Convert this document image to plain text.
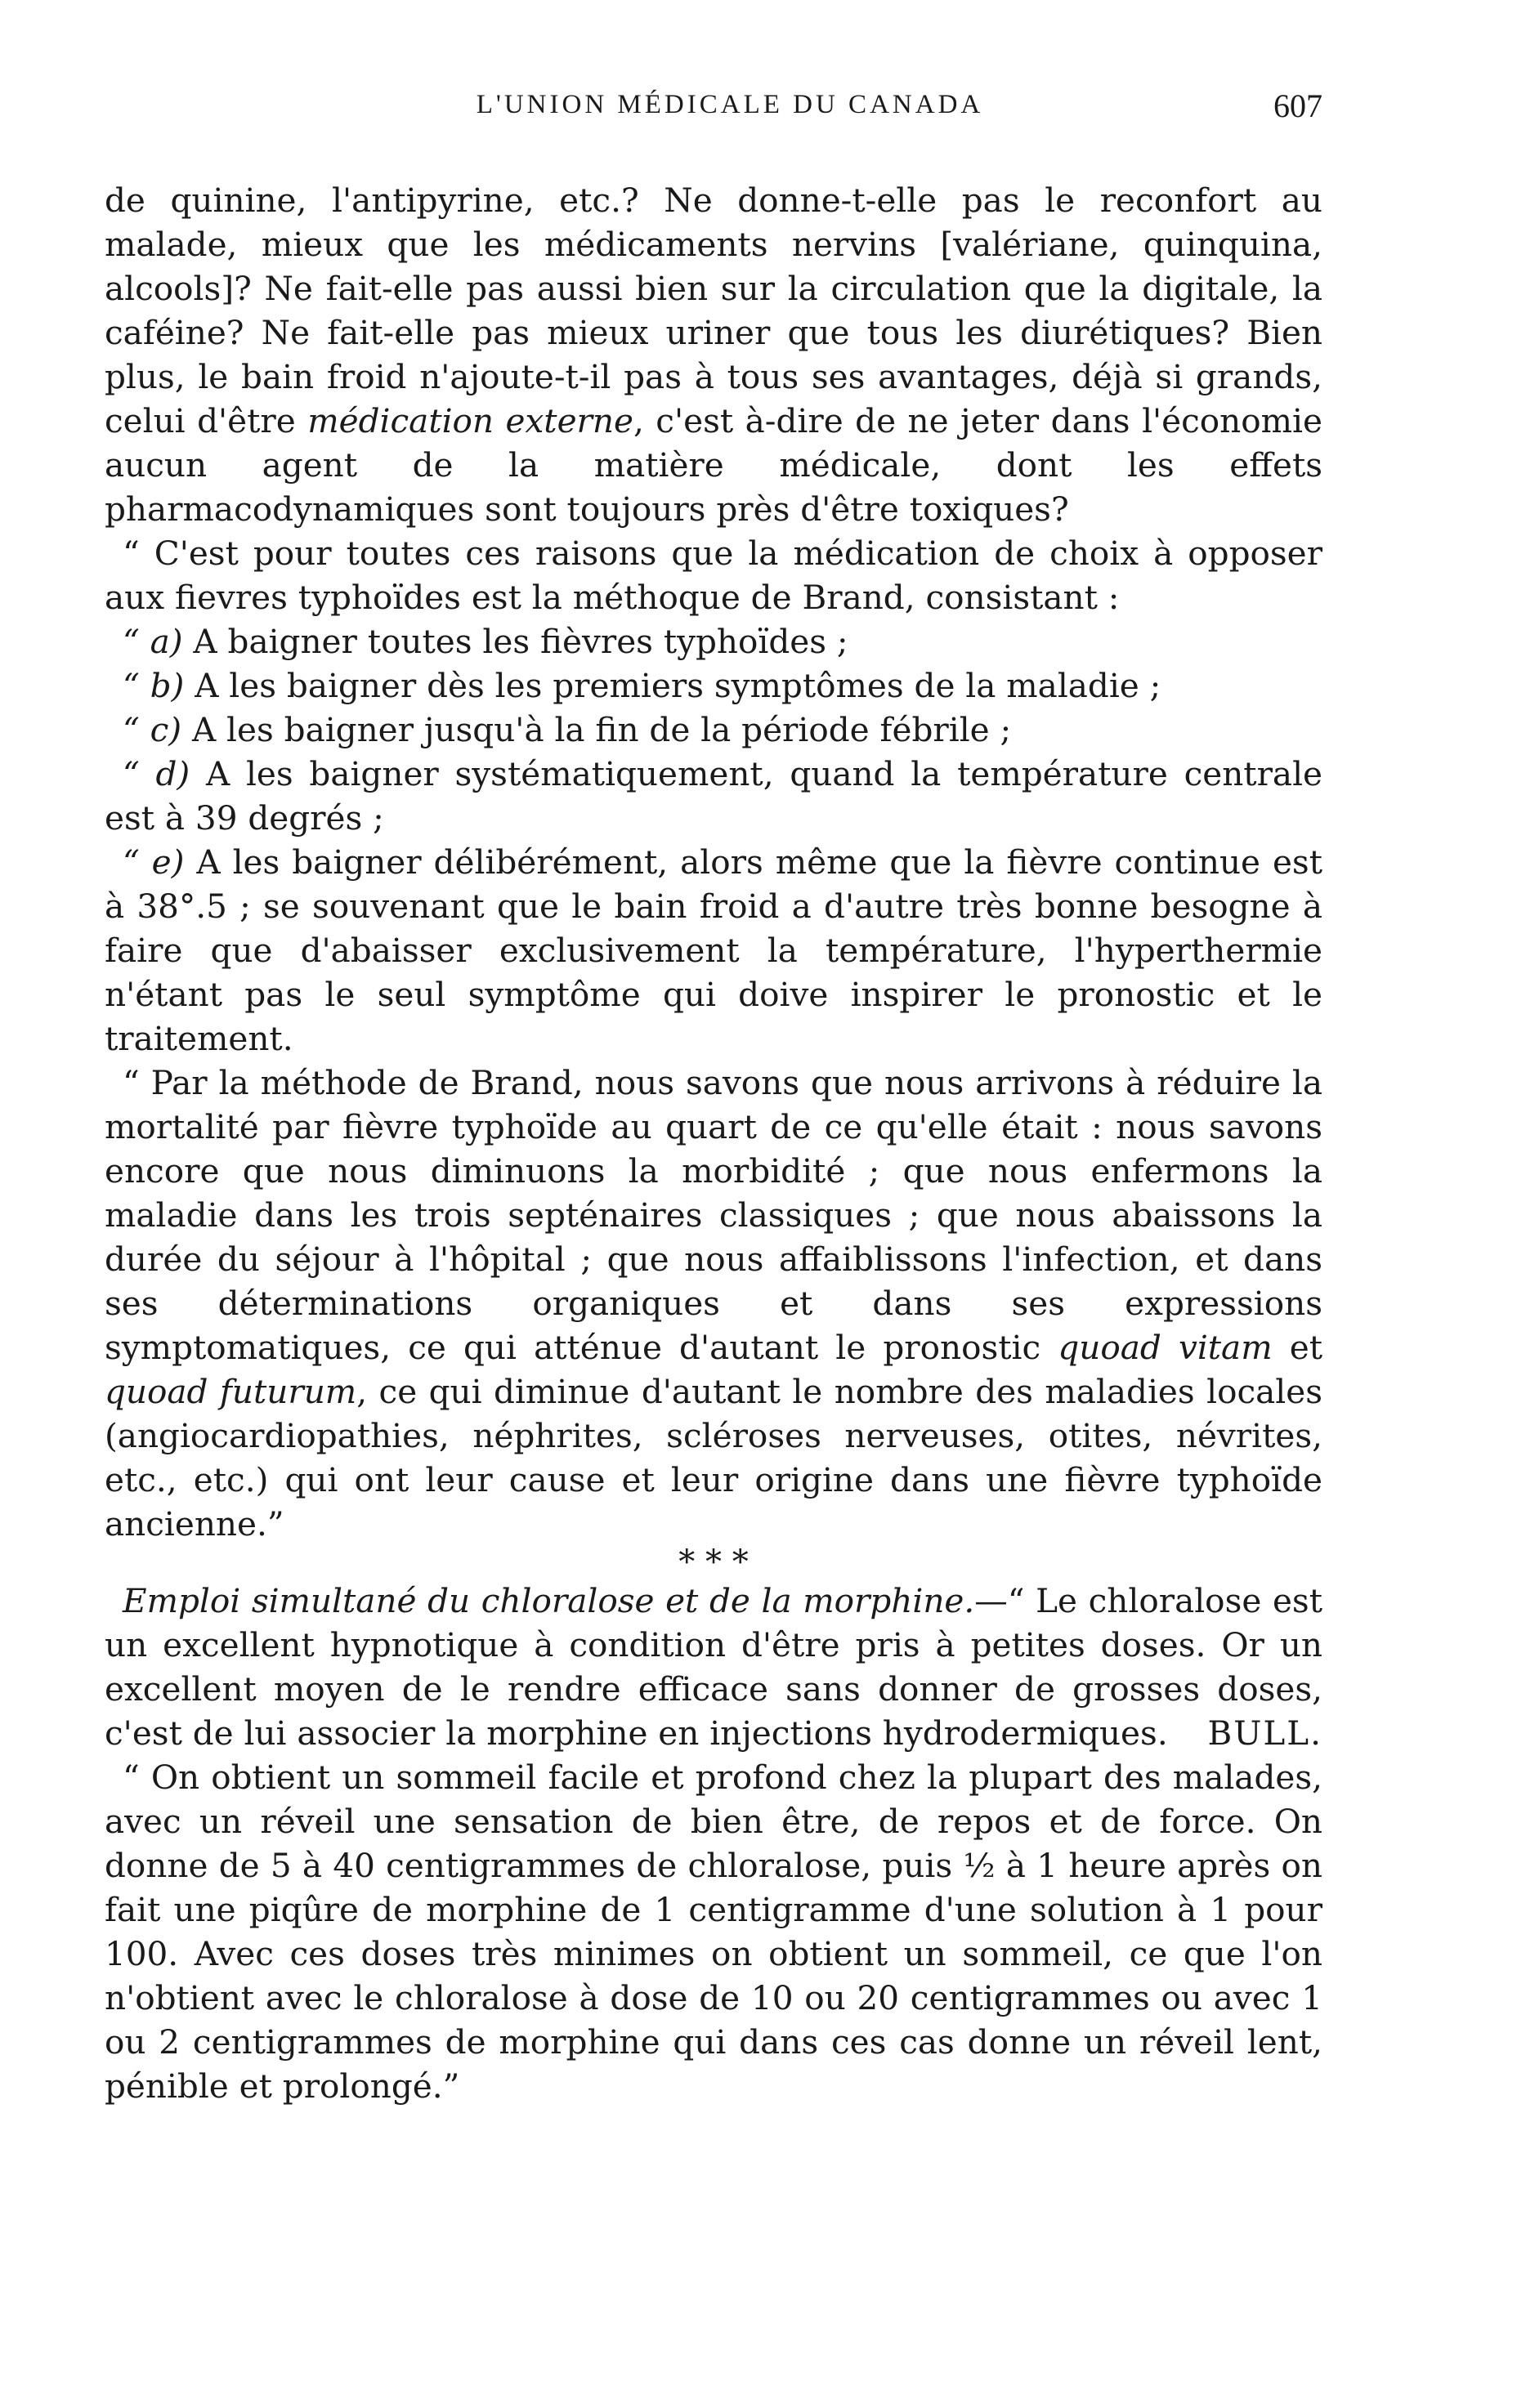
L'UNION MÉDICALE DU CANADA	607

de quinine, l'antipyrine, etc.? Ne donne-t-elle pas le reconfort au malade, mieux que les médicaments nervins [valériane, quinquina, alcools]? Ne fait-elle pas aussi bien sur la circulation que la digitale, la caféine? Ne fait-elle pas mieux uriner que tous les diurétiques? Bien plus, le bain froid n'ajoute-t-il pas à tous ses avantages, déjà si grands, celui d'être médication externe, c'est à-dire de ne jeter dans l'économie aucun agent de la matière médicale, dont les effets pharmacodynamiques sont toujours près d'être toxiques?

“ C'est pour toutes ces raisons que la médication de choix à opposer aux fievres typhoïdes est la méthoque de Brand, consistant :

“ a) A baigner toutes les fièvres typhoïdes ;

“ b) A les baigner dès les premiers symptômes de la maladie ;

“ c) A les baigner jusqu'à la fin de la période fébrile ;

“ d) A les baigner systématiquement, quand la température centrale est à 39 degrés ;

“ e) A les baigner délibérément, alors même que la fièvre continue est à 38°.5 ; se souvenant que le bain froid a d'autre très bonne besogne à faire que d'abaisser exclusivement la température, l'hyperthermie n'étant pas le seul symptôme qui doive inspirer le pronostic et le traitement.

“ Par la méthode de Brand, nous savons que nous arrivons à réduire la mortalité par fièvre typhoïde au quart de ce qu'elle était : nous savons encore que nous diminuons la morbidité ; que nous enfermons la maladie dans les trois septénaires classiques ; que nous abaissons la durée du séjour à l'hôpital ; que nous affaiblissons l'infection, et dans ses déterminations organiques et dans ses expressions symptomatiques, ce qui atténue d'autant le pronostic quoad vitam et quoad futurum, ce qui diminue d'autant le nombre des maladies locales (angiocardiopathies, néphrites, scléroses nerveuses, otites, névrites, etc., etc.) qui ont leur cause et leur origine dans une fièvre typhoïde ancienne.”

* * *

Emploi simultané du chloralose et de la morphine.—“ Le chloralose est un excellent hypnotique à condition d'être pris à petites doses. Or un excellent moyen de le rendre efficace sans donner de grosses doses, c'est de lui associer la morphine en injections hydrodermiques.	BULL.

“ On obtient un sommeil facile et profond chez la plupart des malades, avec un réveil une sensation de bien être, de repos et de force. On donne de 5 à 40 centigrammes de chloralose, puis ½ à 1 heure après on fait une piqûre de morphine de 1 centigramme d'une solution à 1 pour 100. Avec ces doses très minimes on obtient un sommeil, ce que l'on n'obtient avec le chloralose à dose de 10 ou 20 centigrammes ou avec 1 ou 2 centigrammes de morphine qui dans ces cas donne un réveil lent, pénible et prolongé.”
